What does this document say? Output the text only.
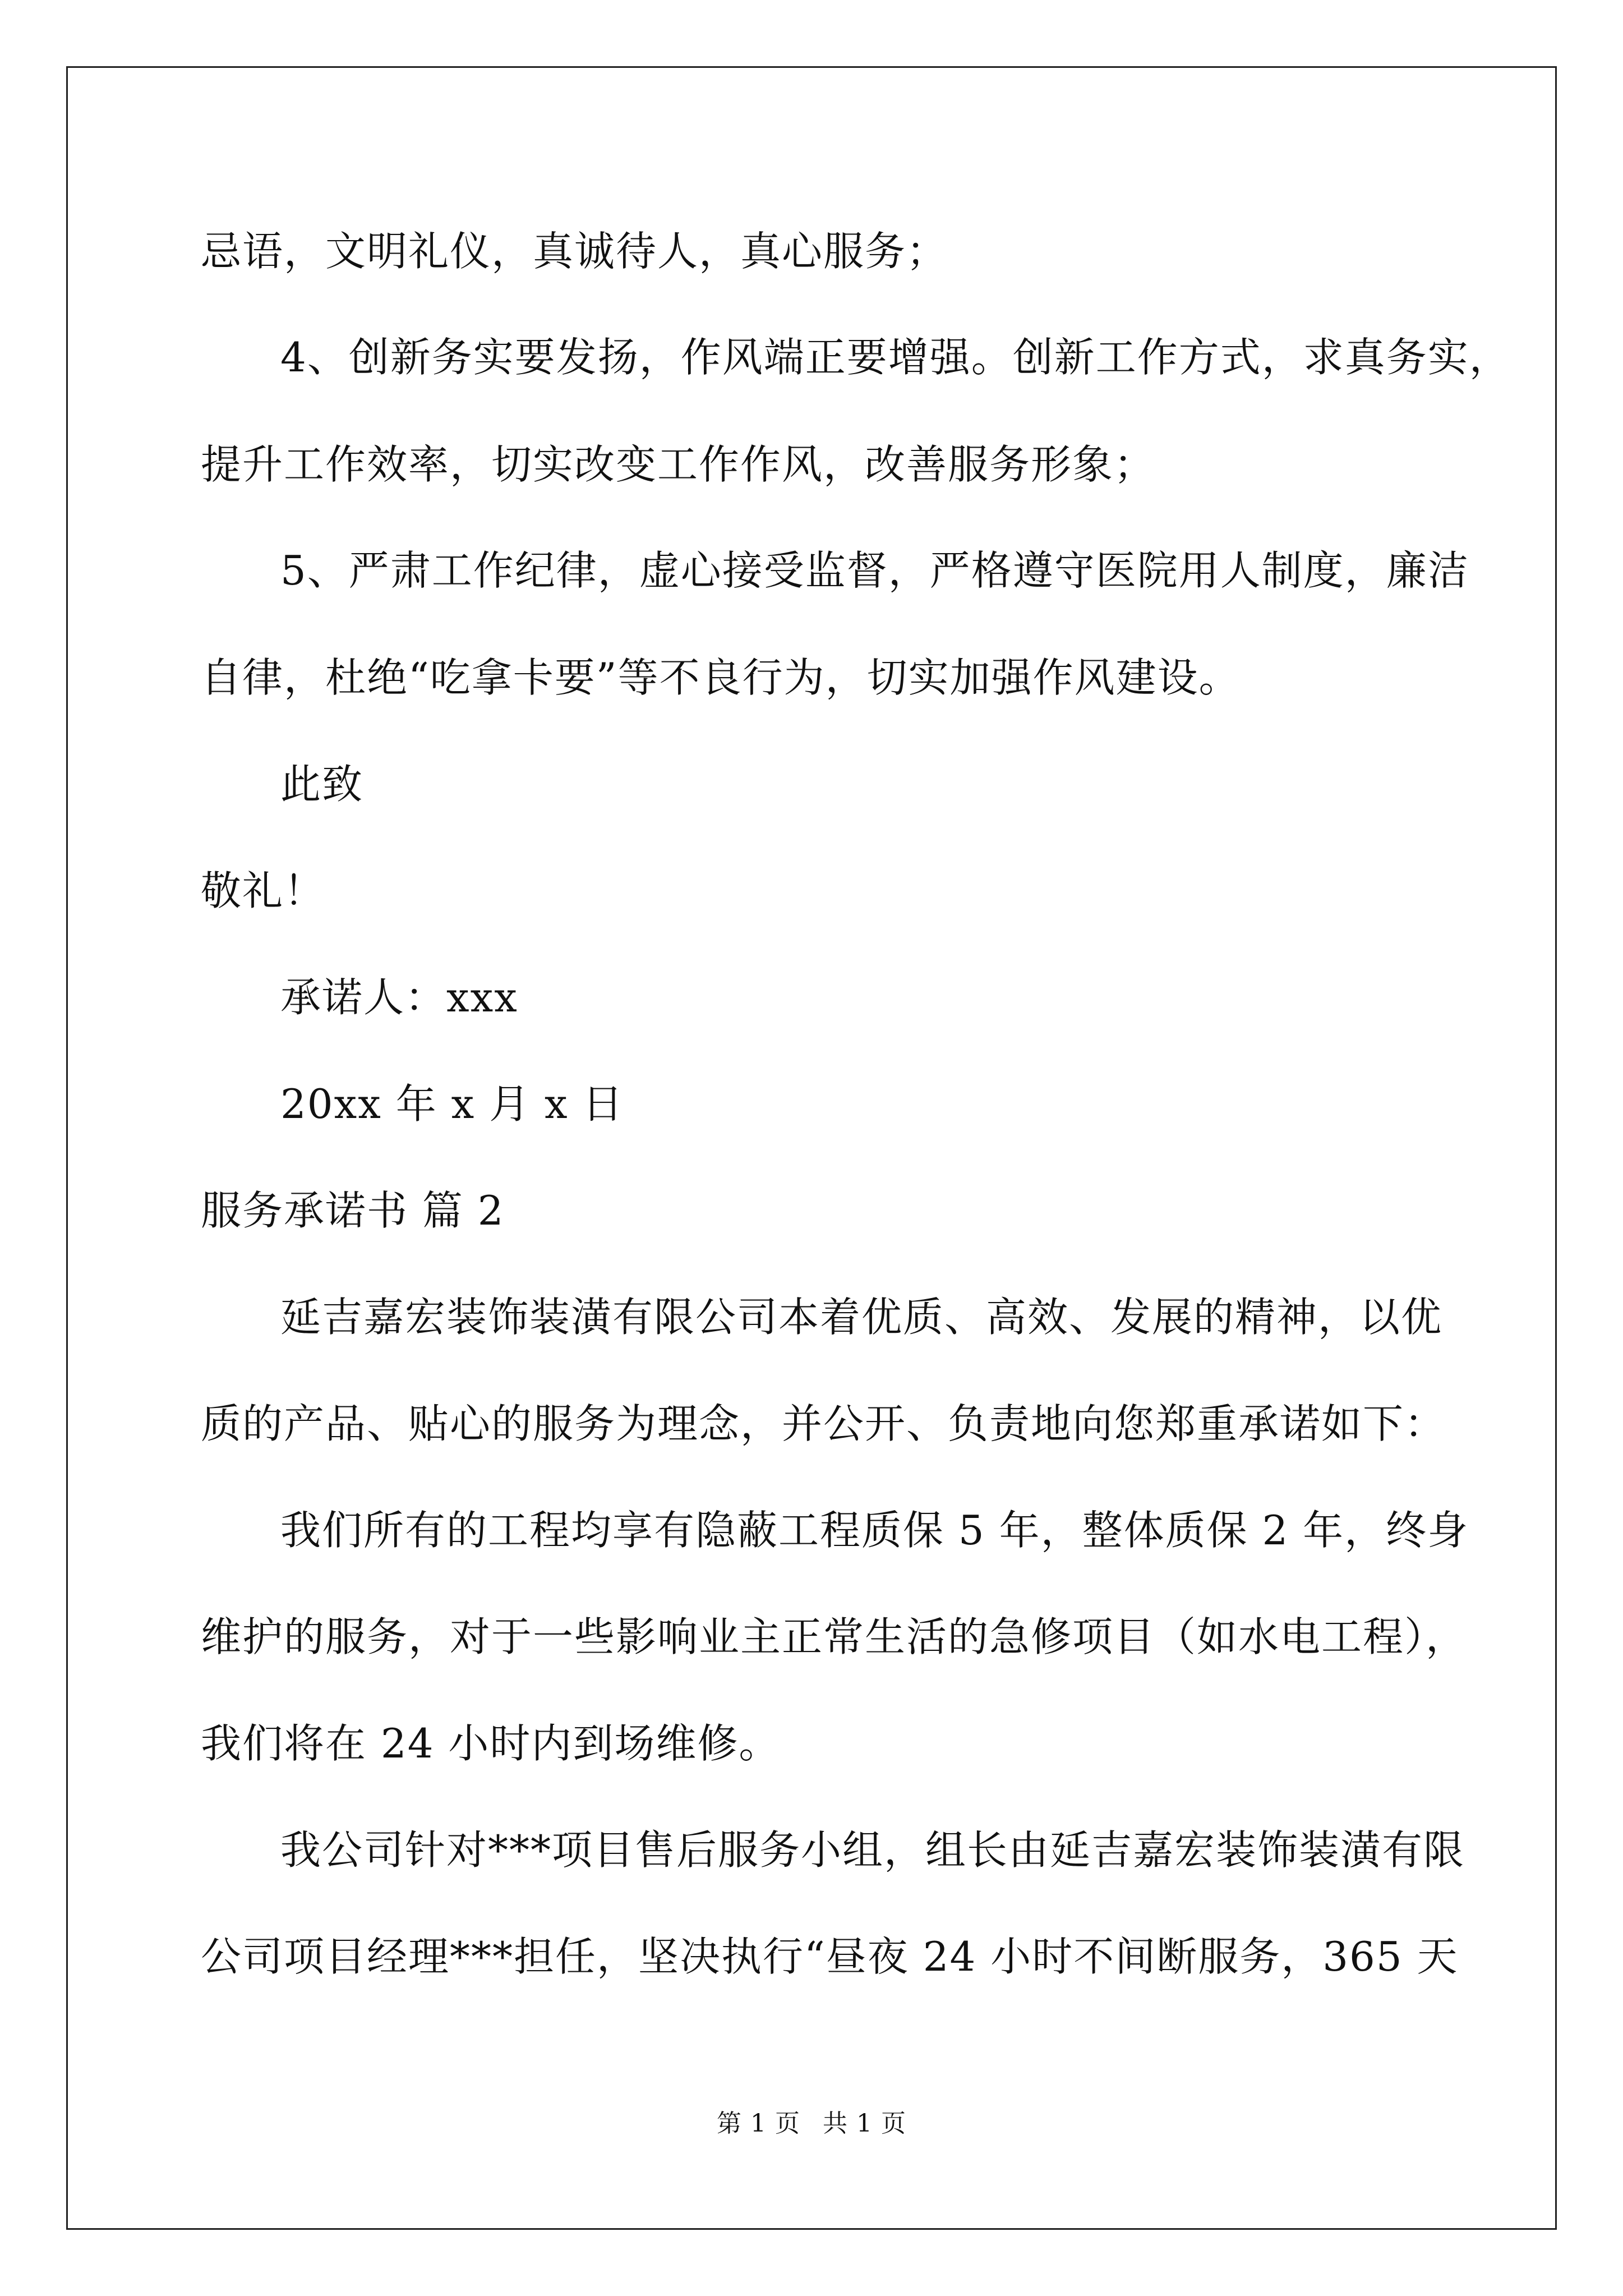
忌语，文明礼仪，真诚待人，真心服务；
4、创新务实要发扬，作风端正要增强。创新工作方式，求真务实，
提升工作效率，切实改变工作作风，改善服务形象；
5、严肃工作纪律，虚心接受监督，严格遵守医院用人制度，廉洁
自律，杜绝“吃拿卡要”等不良行为，切实加强作风建设。
此致
敬礼！
承诺人：xxx
20xx 年 x 月 x 日
服务承诺书 篇 2
延吉嘉宏装饰装潢有限公司本着优质、高效、发展的精神，以优
质的产品、贴心的服务为理念，并公开、负责地向您郑重承诺如下：
我们所有的工程均享有隐蔽工程质保 5 年，整体质保 2 年，终身
维护的服务，对于一些影响业主正常生活的急修项目（如水电工程），
我们将在 24 小时内到场维修。
我公司针对***项目售后服务小组，组长由延吉嘉宏装饰装潢有限
公司项目经理***担任，坚决执行“昼夜 24 小时不间断服务，365 天
第 1 页 共 1 页
